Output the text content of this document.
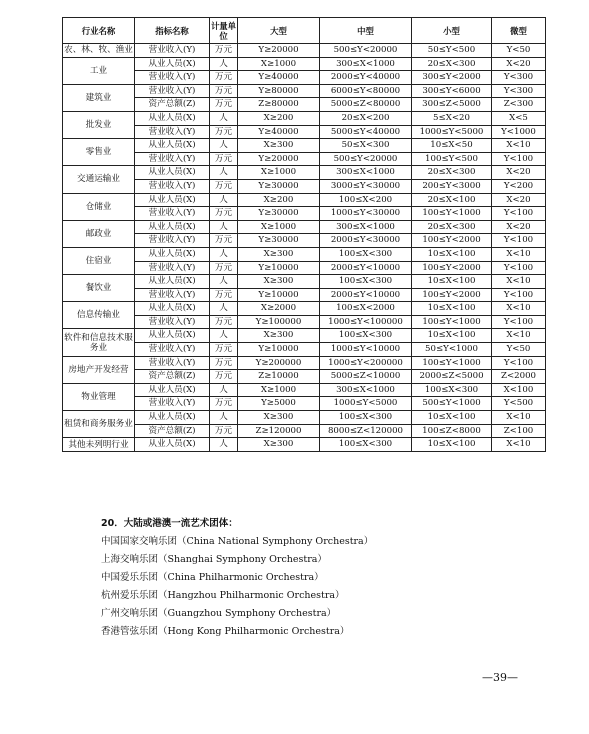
行业名称	指标名称	计量单位	大型	中型	小型	微型
农、林、牧、渔业	营业收入(Y)	万元	Y≥20000	500≤Y<20000	50≤Y<500	Y<50
工业	从业人员(X)	人	X≥1000	300≤X<1000	20≤X<300	X<20
	营业收入(Y)	万元	Y≥40000	2000≤Y<40000	300≤Y<2000	Y<300
建筑业	营业收入(Y)	万元	Y≥80000	6000≤Y<80000	300≤Y<6000	Y<300
	资产总额(Z)	万元	Z≥80000	5000≤Z<80000	300≤Z<5000	Z<300
批发业	从业人员(X)	人	X≥200	20≤X<200	5≤X<20	X<5
	营业收入(Y)	万元	Y≥40000	5000≤Y<40000	1000≤Y<5000	Y<1000
零售业	从业人员(X)	人	X≥300	50≤X<300	10≤X<50	X<10
	营业收入(Y)	万元	Y≥20000	500≤Y<20000	100≤Y<500	Y<100
交通运输业	从业人员(X)	人	X≥1000	300≤X<1000	20≤X<300	X<20
	营业收入(Y)	万元	Y≥30000	3000≤Y<30000	200≤Y<3000	Y<200
仓储业	从业人员(X)	人	X≥200	100≤X<200	20≤X<100	X<20
	营业收入(Y)	万元	Y≥30000	1000≤Y<30000	100≤Y<1000	Y<100
邮政业	从业人员(X)	人	X≥1000	300≤X<1000	20≤X<300	X<20
	营业收入(Y)	万元	Y≥30000	2000≤Y<30000	100≤Y<2000	Y<100
住宿业	从业人员(X)	人	X≥300	100≤X<300	10≤X<100	X<10
	营业收入(Y)	万元	Y≥10000	2000≤Y<10000	100≤Y<2000	Y<100
餐饮业	从业人员(X)	人	X≥300	100≤X<300	10≤X<100	X<10
	营业收入(Y)	万元	Y≥10000	2000≤Y<10000	100≤Y<2000	Y<100
信息传输业	从业人员(X)	人	X≥2000	100≤X<2000	10≤X<100	X<10
	营业收入(Y)	万元	Y≥100000	1000≤Y<100000	100≤Y<1000	Y<100
软件和信息技术服务业	从业人员(X)	人	X≥300	100≤X<300	10≤X<100	X<10
	营业收入(Y)	万元	Y≥10000	1000≤Y<10000	50≤Y<1000	Y<50
房地产开发经营	营业收入(Y)	万元	Y≥200000	1000≤Y<200000	100≤Y<1000	Y<100
	资产总额(Z)	万元	Z≥10000	5000≤Z<10000	2000≤Z<5000	Z<2000
物业管理	从业人员(X)	人	X≥1000	300≤X<1000	100≤X<300	X<100
	营业收入(Y)	万元	Y≥5000	1000≤Y<5000	500≤Y<1000	Y<500
租赁和商务服务业	从业人员(X)	人	X≥300	100≤X<300	10≤X<100	X<10
	资产总额(Z)	万元	Z≥120000	8000≤Z<120000	100≤Z<8000	Z<100
其他未列明行业	从业人员(X)	人	X≥300	100≤X<300	10≤X<100	X<10
20．大陆或港澳一流艺术团体：
中国国家交响乐团（China National Symphony Orchestra）
上海交响乐团（Shanghai Symphony Orchestra）
中国爱乐乐团（China Philharmonic Orchestra）
杭州爱乐乐团（Hangzhou Philharmonic Orchestra）
广州交响乐团（Guangzhou Symphony Orchestra）
香港管弦乐团（Hong Kong Philharmonic Orchestra）
—39—
